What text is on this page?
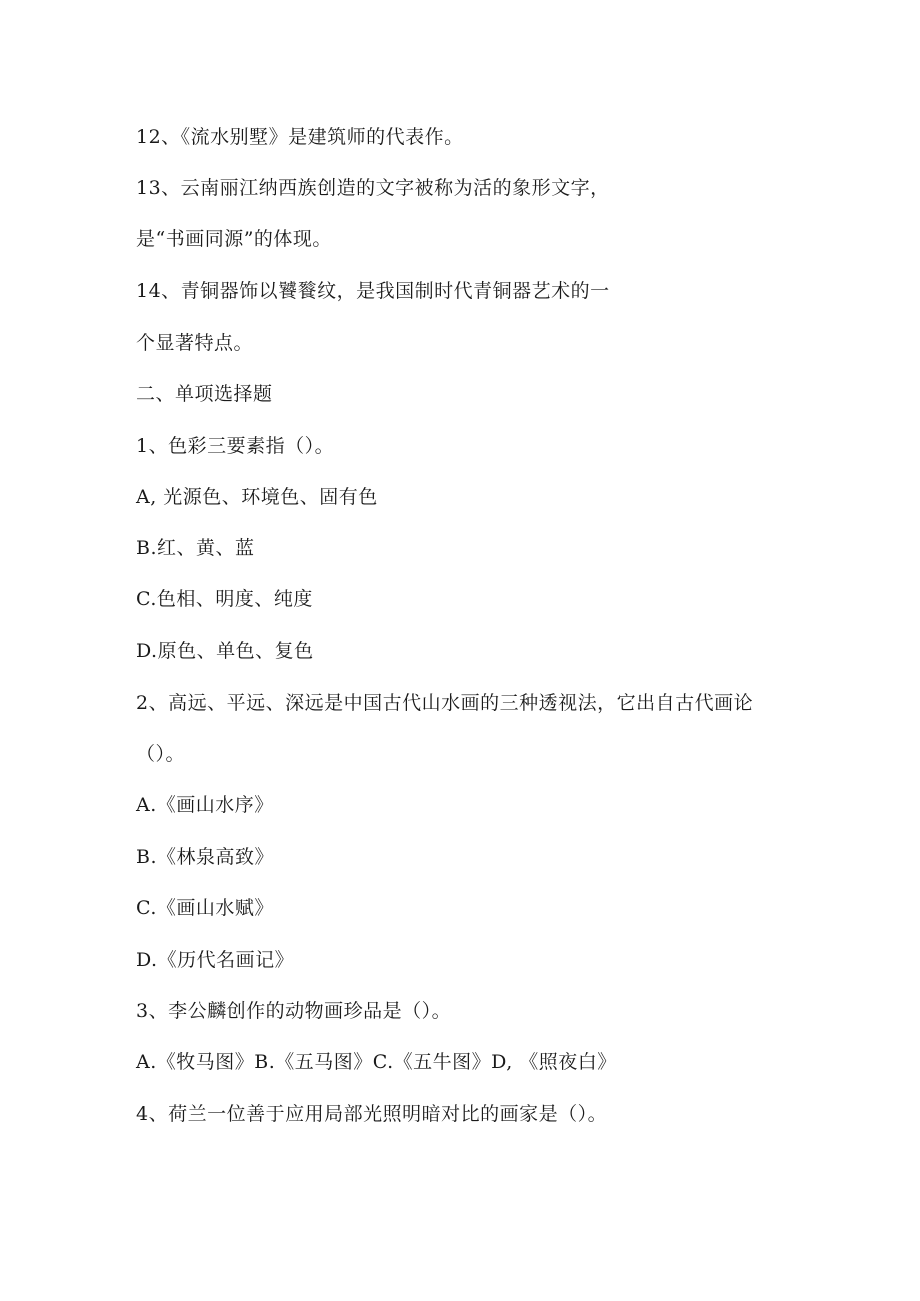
12、《流水别墅》是建筑师的代表作。
13、云南丽江纳西族创造的文字被称为活的象形文字，
是“书画同源”的体现。
14、青铜器饰以饕餮纹，是我国制时代青铜器艺术的一
个显著特点。
二、单项选择题
1、色彩三要素指（）。
A, 光源色、环境色、固有色
B.红、黄、蓝
C.色相、明度、纯度
D.原色、单色、复色
2、高远、平远、深远是中国古代山水画的三种透视法，它出自古代画论
（）。
A.《画山水序》
B.《林泉高致》
C.《画山水赋》
D.《历代名画记》
3、李公麟创作的动物画珍品是（）。
A.《牧马图》B.《五马图》C.《五牛图》D, 《照夜白》
4、荷兰一位善于应用局部光照明暗对比的画家是（）。
